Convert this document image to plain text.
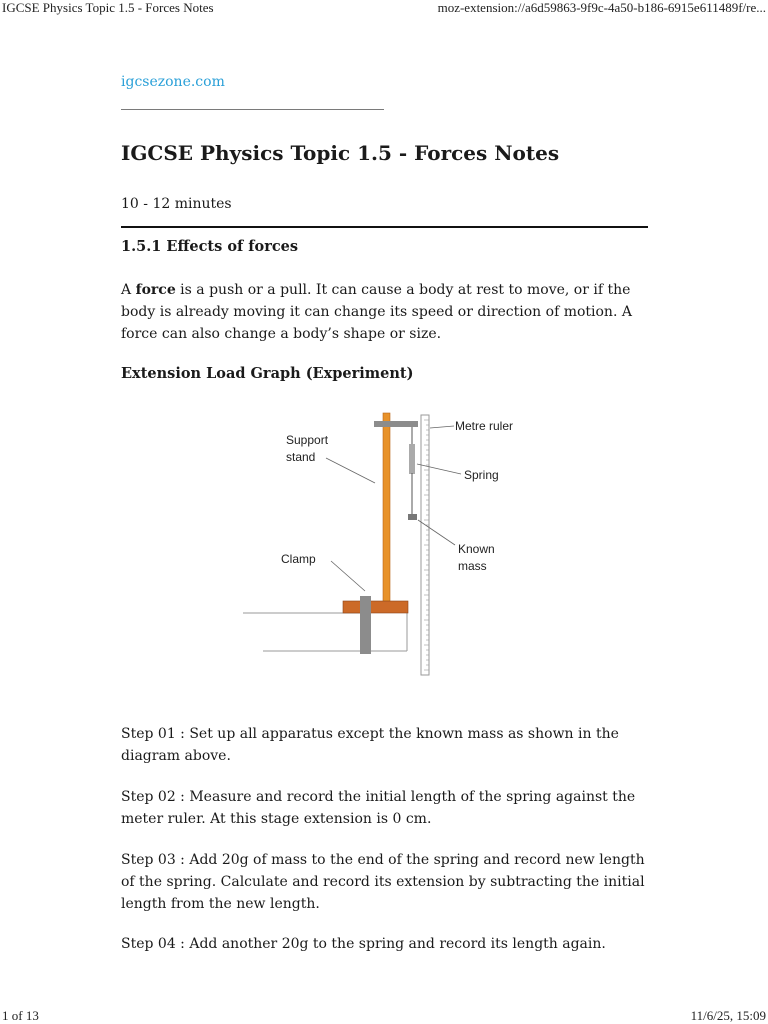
IGCSE Physics Topic 1.5 - Forces Notes	moz-extension://a6d59863-9f9c-4a50-b186-6915e611489f/re...
igcsezone.com
IGCSE Physics Topic 1.5 - Forces Notes
10 - 12 minutes
1.5.1 Effects of forces

A force is a push or a pull. It can cause a body at rest to move, or if the body is already moving it can change its speed or direction of motion. A force can also change a body’s shape or size.

Extension Load Graph (Experiment)

Step 01 : Set up all apparatus except the known mass as shown in the diagram above.

Step 02 : Measure and record the initial length of the spring against the meter ruler. At this stage extension is 0 cm.

Step 03 : Add 20g of mass to the end of the spring and record new length of the spring. Calculate and record its extension by subtracting the initial length from the new length.

Step 04 : Add another 20g to the spring and record its length again.

Metre ruler
Support
stand
Spring
Known
mass
Clamp
1 of 13	11/6/25, 15:09
